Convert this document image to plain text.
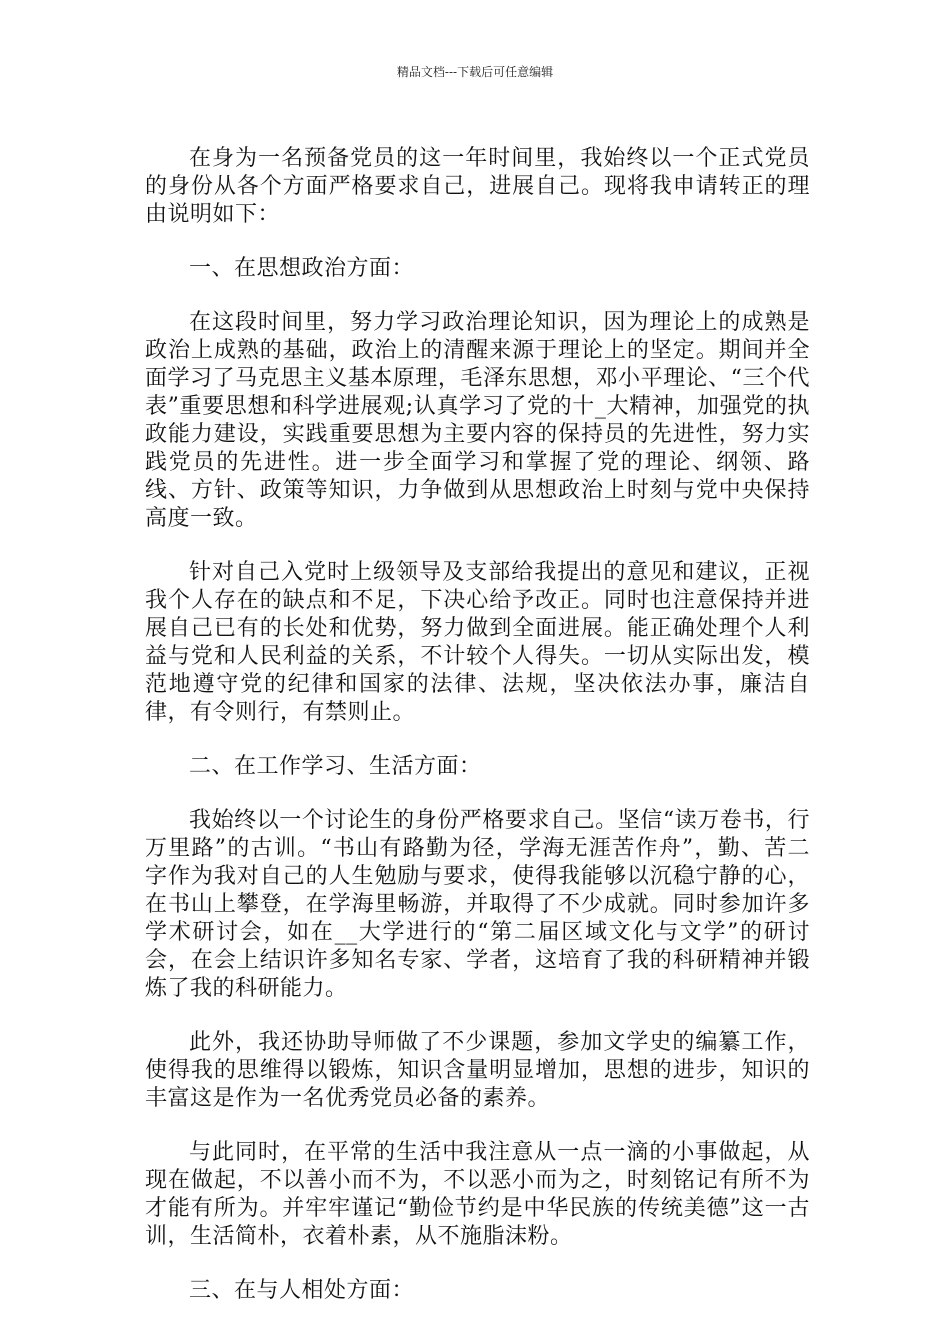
精品文档---下载后可任意编辑

在身为一名预备党员的这一年时间里，我始终以一个正式党员的身份从各个方面严格要求自己，进展自己。现将我申请转正的理由说明如下：

一、在思想政治方面：

在这段时间里，努力学习政治理论知识，因为理论上的成熟是政治上成熟的基础，政治上的清醒来源于理论上的坚定。期间并全面学习了马克思主义基本原理，毛泽东思想，邓小平理论、“三个代表”重要思想和科学进展观;认真学习了党的十_大精神，加强党的执政能力建设，实践重要思想为主要内容的保持员的先进性，努力实践党员的先进性。进一步全面学习和掌握了党的理论、纲领、路线、方针、政策等知识，力争做到从思想政治上时刻与党中央保持高度一致。

针对自己入党时上级领导及支部给我提出的意见和建议，正视我个人存在的缺点和不足，下决心给予改正。同时也注意保持并进展自己已有的长处和优势，努力做到全面进展。能正确处理个人利益与党和人民利益的关系，不计较个人得失。一切从实际出发，模范地遵守党的纪律和国家的法律、法规，坚决依法办事，廉洁自律，有令则行，有禁则止。

二、在工作学习、生活方面：

我始终以一个讨论生的身份严格要求自己。坚信“读万卷书，行万里路”的古训。“书山有路勤为径，学海无涯苦作舟”，勤、苦二字作为我对自己的人生勉励与要求，使得我能够以沉稳宁静的心，在书山上攀登，在学海里畅游，并取得了不少成就。同时参加许多学术研讨会，如在__大学进行的“第二届区域文化与文学”的研讨会，在会上结识许多知名专家、学者，这培育了我的科研精神并锻炼了我的科研能力。

此外，我还协助导师做了不少课题，参加文学史的编纂工作，使得我的思维得以锻炼，知识含量明显增加，思想的进步，知识的丰富这是作为一名优秀党员必备的素养。

与此同时，在平常的生活中我注意从一点一滴的小事做起，从现在做起，不以善小而不为，不以恶小而为之，时刻铭记有所不为才能有所为。并牢牢谨记“勤俭节约是中华民族的传统美德”这一古训，生活简朴，衣着朴素，从不施脂沫粉。

三、在与人相处方面：
